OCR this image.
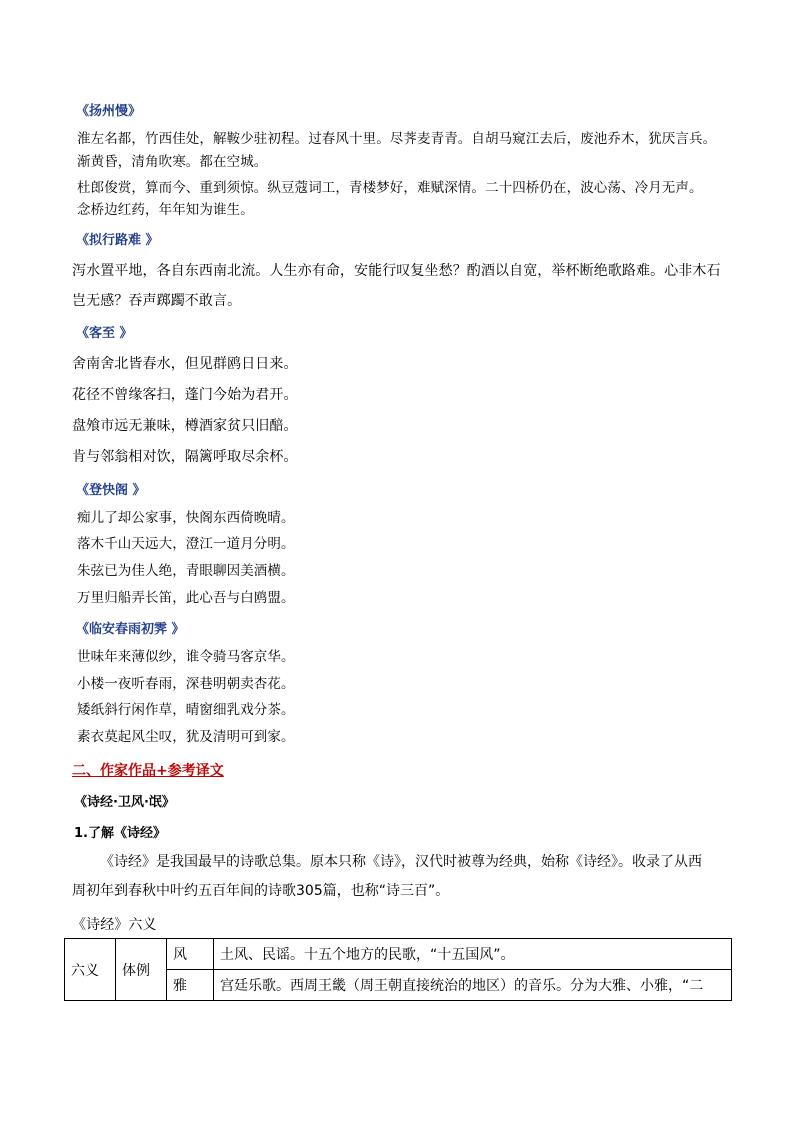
《扬州慢》
淮左名都，竹西佳处，解鞍少驻初程。过春风十里。尽荠麦青青。自胡马窥江去后，废池乔木，犹厌言兵。
渐黄昏，清角吹寒。都在空城。
杜郎俊赏，算而今、重到须惊。纵豆蔻词工，青楼梦好，难赋深情。二十四桥仍在，波心荡、冷月无声。
念桥边红药，年年知为谁生。
《拟行路难 》
泻水置平地，各自东西南北流。人生亦有命，安能行叹复坐愁？酌酒以自宽，举杯断绝歌路难。心非木石
岂无感？吞声踯躅不敢言。
《客至 》
舍南舍北皆春水，但见群鸥日日来。
花径不曾缘客扫，蓬门今始为君开。
盘飧市远无兼味，樽酒家贫只旧醅。
肯与邻翁相对饮，隔篱呼取尽余杯。
《登快阁 》
痴儿了却公家事，快阁东西倚晚晴。
落木千山天远大，澄江一道月分明。
朱弦已为佳人绝，青眼聊因美酒横。
万里归船弄长笛，此心吾与白鸥盟。
《临安春雨初霁 》
世味年来薄似纱，谁令骑马客京华。
小楼一夜听春雨，深巷明朝卖杏花。
矮纸斜行闲作草，晴窗细乳戏分茶。
素衣莫起风尘叹，犹及清明可到家。
二、作家作品+参考译文
《诗经·卫风·氓》
1.了解《诗经》
《诗经》是我国最早的诗歌总集。原本只称《诗》，汉代时被尊为经典，始称《诗经》。收录了从西
周初年到春秋中叶约五百年间的诗歌305篇，也称“诗三百”。
《诗经》六义
六义	体例	风	土风、民谣。十五个地方的民歌，“十五国风”。
		雅	宫廷乐歌。西周王畿（周王朝直接统治的地区）的音乐。分为大雅、小雅，“二
